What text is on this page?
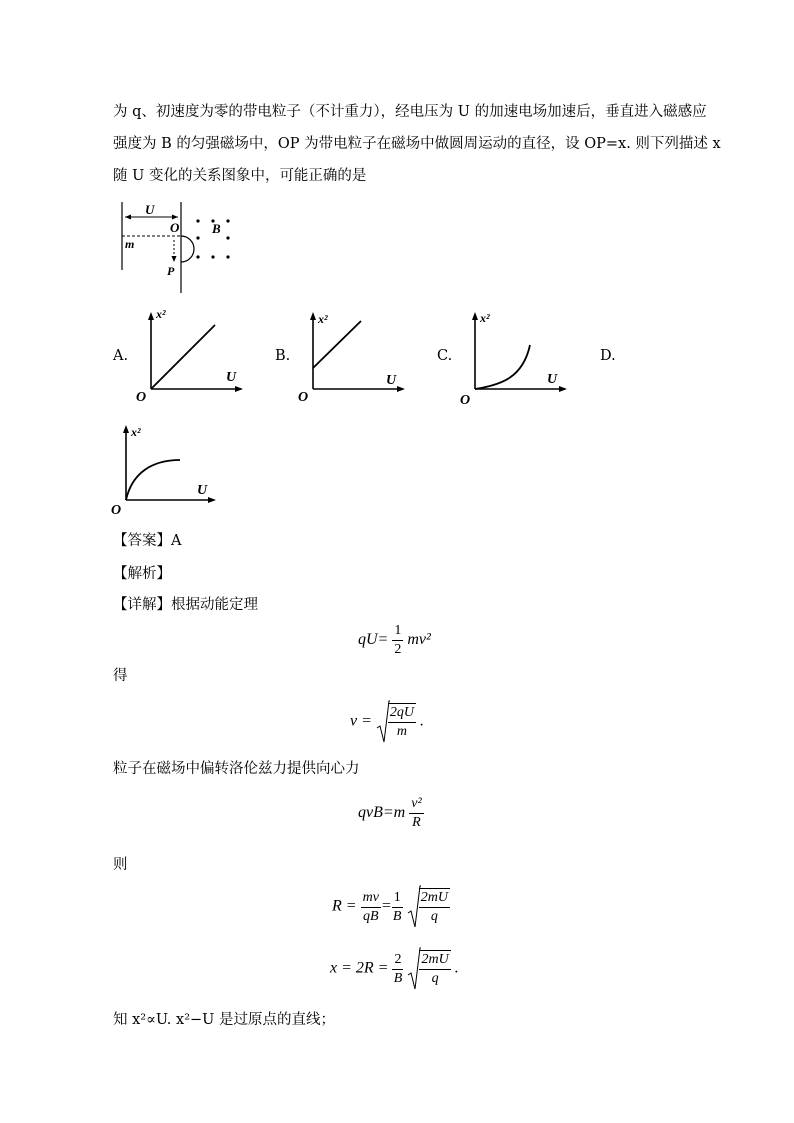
为 q、初速度为零的带电粒子（不计重力），经电压为 U 的加速电场加速后，垂直进入磁感应
强度为 B 的匀强磁场中，OP 为带电粒子在磁场中做圆周运动的直径，设 OP=x. 则下列描述 x
随 U 变化的关系图象中，可能正确的是
U
O
m
P
B
A.	B.	C.	D.
x²
U
O
x²
U
O
x²
U
O
x²
U
O
【答案】A
【解析】
【详解】根据动能定理
$qU= \frac{1}{2} mv^2$
得
$v = \frac{2qU}{m}$ .
粒子在磁场中偏转洛伦兹力提供向心力
$qvB=m \frac{\text{v²}}{R}$
则
$R = \frac{mv}{qB} = \frac{1}{B}$
$\frac{2mU}{q}$
$x = 2R = \frac{2}{B}$
$\frac{2mU}{q}$ .
知 x²∝U. x²−U 是过原点的直线；
